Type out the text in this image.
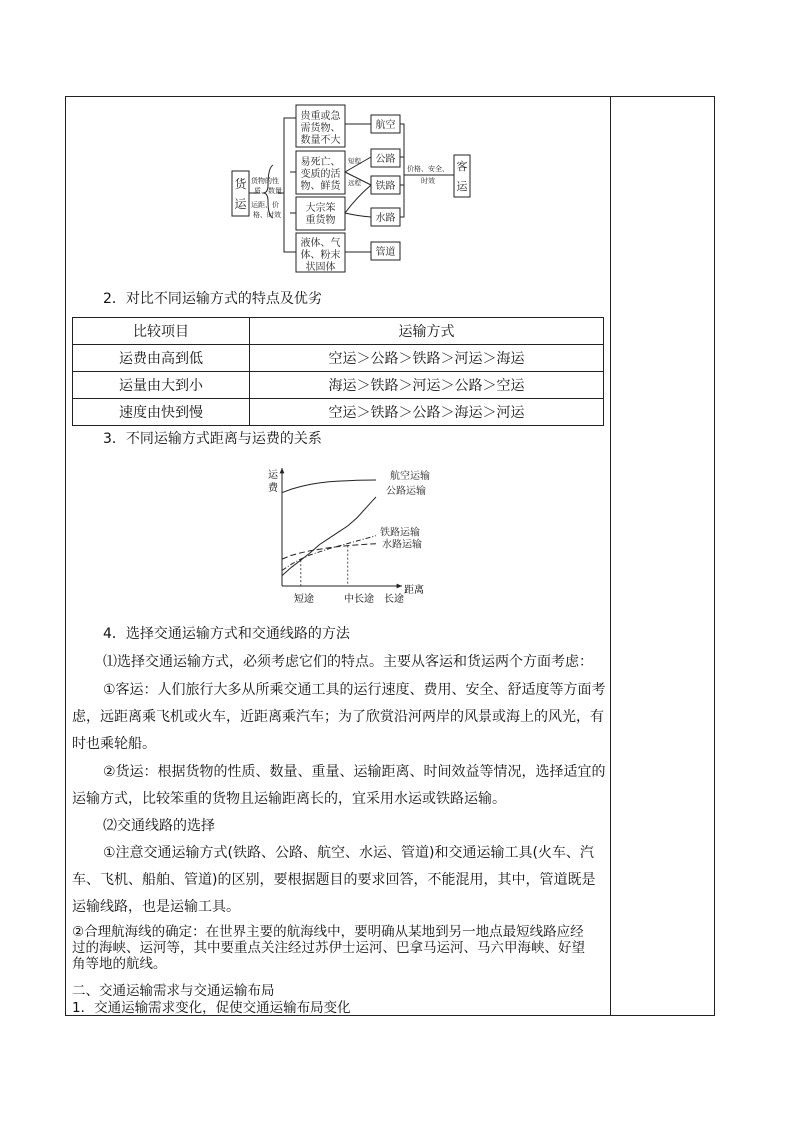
货
运
货物的性质、数量
运距、价格、时效
贵重或急需货物、数量不大
易死亡、变质的活物、鲜货
大宗笨重货物
液体、气体、粉末状固体
航空
公路
铁路
水路
管道
短程
远程
价格、安全、
时效
客
运
2．对比不同运输方式的特点及优劣
比较项目	运输方式
运费由高到低	空运＞公路＞铁路＞河运＞海运
运量由大到小	海运＞铁路＞河运＞公路＞空运
速度由快到慢	空运＞铁路＞公路＞海运＞河运
3．不同运输方式距离与运费的关系
运费
距离
航空运输
公路运输
铁路运输
水路运输
短途	中长途 长途
4．选择交通运输方式和交通线路的方法
⑴选择交通运输方式，必须考虑它们的特点。主要从客运和货运两个方面考虑：
①客运：人们旅行大多从所乘交通工具的运行速度、费用、安全、舒适度等方面考
虑，远距离乘飞机或火车，近距离乘汽车；为了欣赏沿河两岸的风景或海上的风光，有
时也乘轮船。
②货运：根据货物的性质、数量、重量、运输距离、时间效益等情况，选择适宜的
运输方式，比较笨重的货物且运输距离长的，宜采用水运或铁路运输。
⑵交通线路的选择
①注意交通运输方式(铁路、公路、航空、水运、管道)和交通运输工具(火车、汽
车、飞机、船舶、管道)的区别，要根据题目的要求回答，不能混用，其中，管道既是
运输线路，也是运输工具。
②合理航海线的确定：在世界主要的航海线中，要明确从某地到另一地点最短线路应经
过的海峡、运河等，其中要重点关注经过苏伊士运河、巴拿马运河、马六甲海峡、好望
角等地的航线。
二、交通运输需求与交通运输布局
1．交通运输需求变化，促使交通运输布局变化
